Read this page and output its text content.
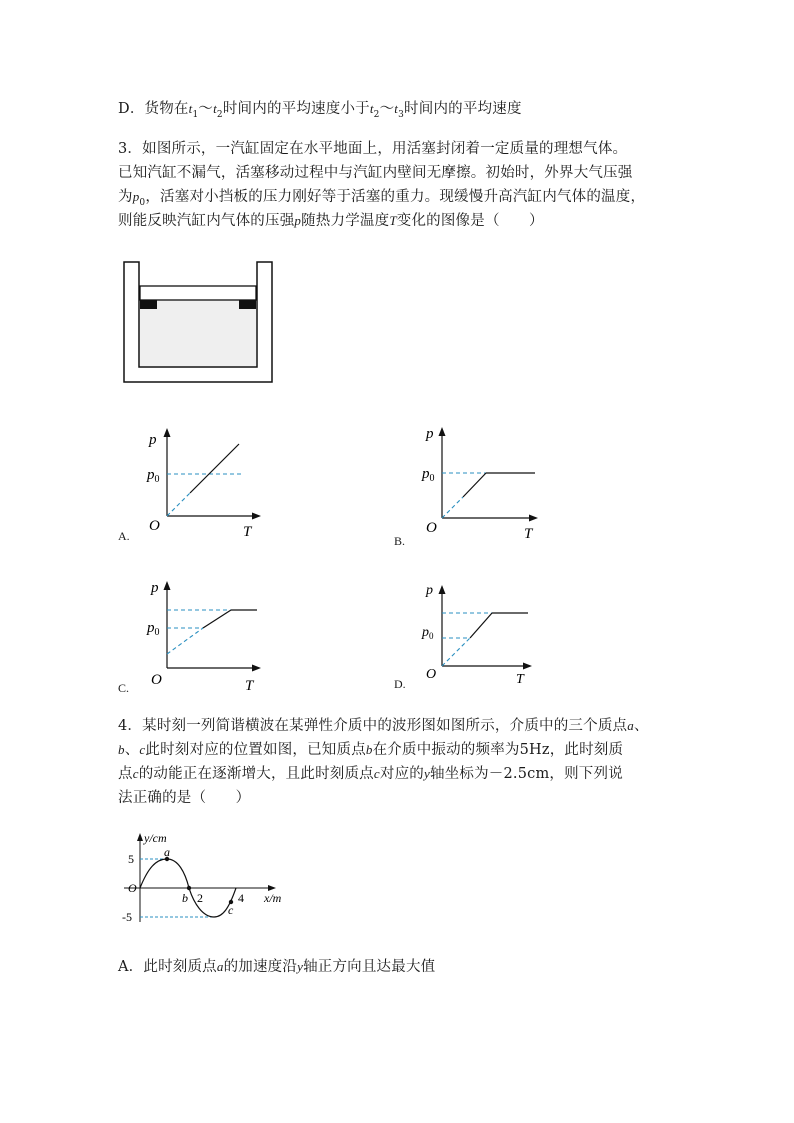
D．货物在$t_1\sim t_2$时间内的平均速度小于$t_2\sim t_3$时间内的平均速度
3．如图所示，一汽缸固定在水平地面上，用活塞封闭着一定质量的理想气体。
已知汽缸不漏气，活塞移动过程中与汽缸内壁间无摩擦。初始时，外界大气压强
为$p_0$，活塞对小挡板的压力刚好等于活塞的重力。现缓慢升高汽缸内气体的温度，
则能反映汽缸内气体的压强p随热力学温度T变化的图像是（　　）
p
$p_0$
O	T
A.
p
$p_0$
O	T
B.
p
$p_0$
O	T
C.
p
$p_0$
O	T
D.
4．某时刻一列简谐横波在某弹性介质中的波形图如图所示，介质中的三个质点a、
b、c此时刻对应的位置如图，已知质点b在介质中振动的频率为5Hz，此时刻质
点c的动能正在逐渐增大，且此时刻质点c对应的y轴坐标为－2.5cm，则下列说
法正确的是（　　）
y/cm
5
O
-5
a
b
c
2	4 x/m
A．此时刻质点a的加速度沿y轴正方向且达最大值
